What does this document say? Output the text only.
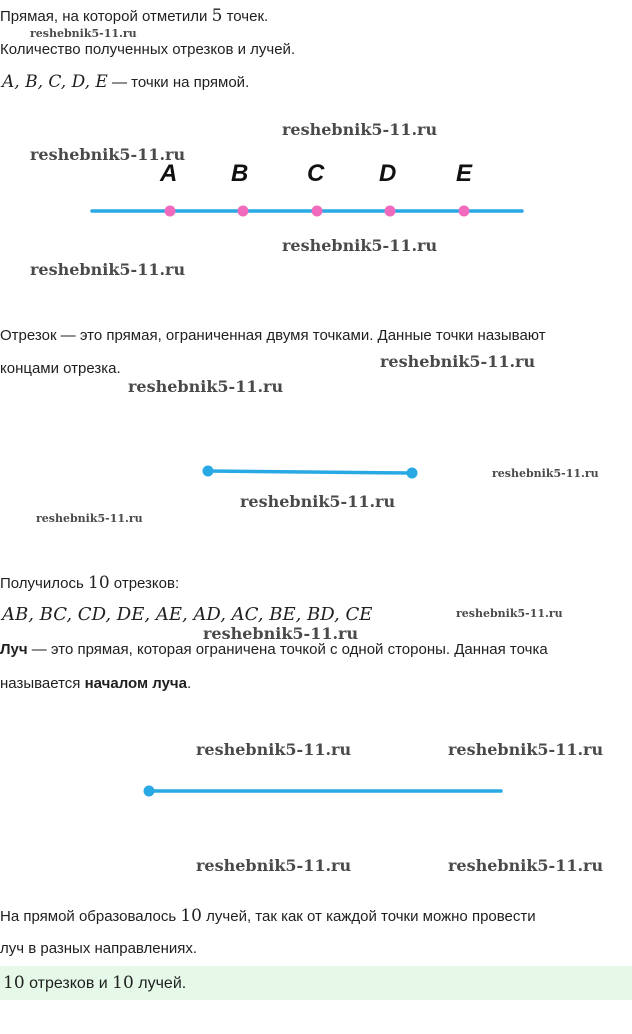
Прямая, на которой отметили 5 точек.
reshebnik5-11.ru
Количество полученных отрезков и лучей.
A, B, C, D, E — точки на прямой.
reshebnik5-11.ru
reshebnik5-11.ru
A B C D E
reshebnik5-11.ru
reshebnik5-11.ru
Отрезок — это прямая, ограниченная двумя точками. Данные точки называют
reshebnik5-11.ru
концами отрезка.
reshebnik5-11.ru
reshebnik5-11.ru
reshebnik5-11.ru
reshebnik5-11.ru
Получилось 10 отрезков:
AB, BC, CD, DE, AE, AD, AC, BE, BD, CE	reshebnik5-11.ru
reshebnik5-11.ru
Луч — это прямая, которая ограничена точкой с одной стороны. Данная точка
называется началом луча.
reshebnik5-11.ru	reshebnik5-11.ru
reshebnik5-11.ru	reshebnik5-11.ru
На прямой образовалось 10 лучей, так как от каждой точки можно провести
луч в разных направлениях.
10 отрезков и 10 лучей.
